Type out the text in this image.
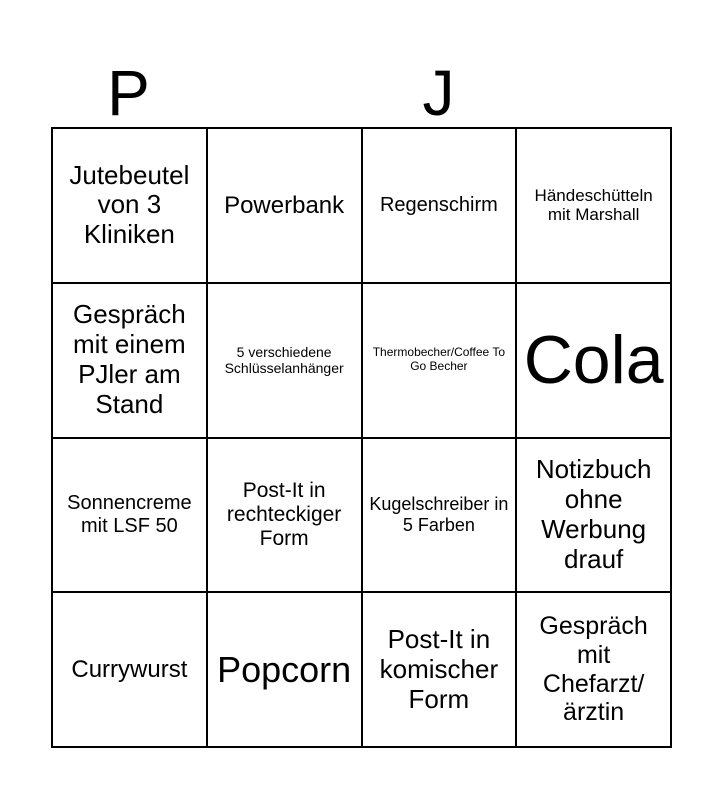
P	J
Jutebeutel von 3 Kliniken
Powerbank Regenschirm	Händeschütteln mit Marshall
Gespräch mit einem PJler am Stand
5 verschiedene Schlüsselanhänger
Thermobecher/Coffee To Go Becher Cola
Sonnencreme mit LSF 50
Post-It in rechteckiger Form
Kugelschreiber in 5 Farben
Notizbuch ohne Werbung drauf
Currywurst Popcorn
Post-It in komischer Form
Gespräch mit Chefarzt/ ärztin
